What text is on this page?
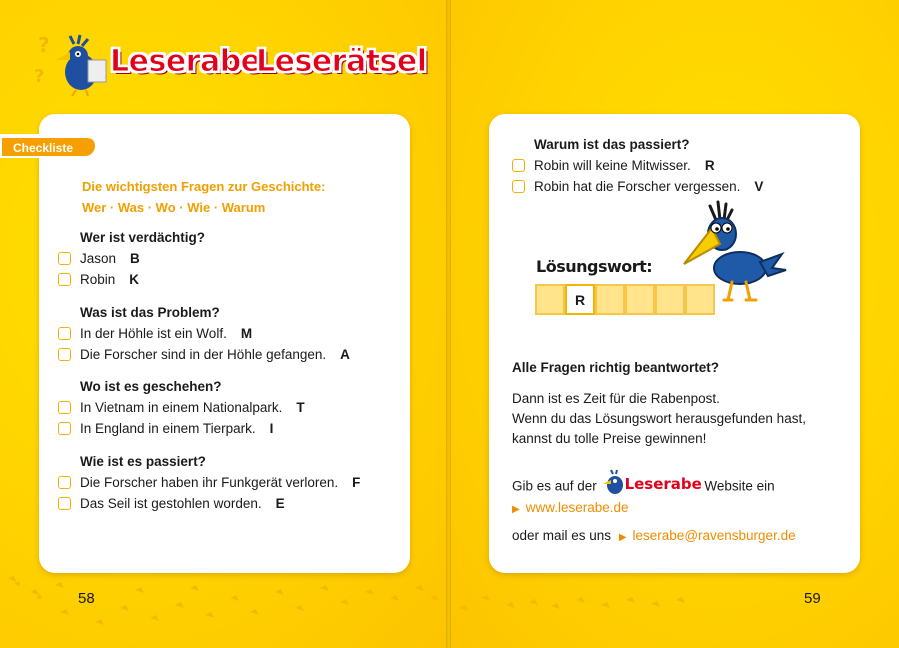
?
? Leserabe
Leserätsel
Checkliste
Die wichtigsten Fragen zur Geschichte:
Wer · Was · Wo · Wie · Warum
Wer ist verdächtig?
Jason B
Robin K
Was ist das Problem?
In der Höhle ist ein Wolf. M
Die Forscher sind in der Höhle gefangen. A
Wo ist es geschehen?
In Vietnam in einem Nationalpark. T
In England in einem Tierpark. I
Wie ist es passiert?
Die Forscher haben ihr Funkgerät verloren. F
Das Seil ist gestohlen worden. E
58
Warum ist das passiert?
Robin will keine Mitwisser. R
Robin hat die Forscher vergessen. V
Lösungswort:
R
Alle Fragen richtig beantwortet?
Dann ist es Zeit für die Rabenpost.
Wenn du das Lösungswort herausgefunden hast,
kannst du tolle Preise gewinnen!
Gib es auf der Leserabe Website ein
▶ www.leserabe.de
oder mail es uns ▶ leserabe@ravensburger.de
59
